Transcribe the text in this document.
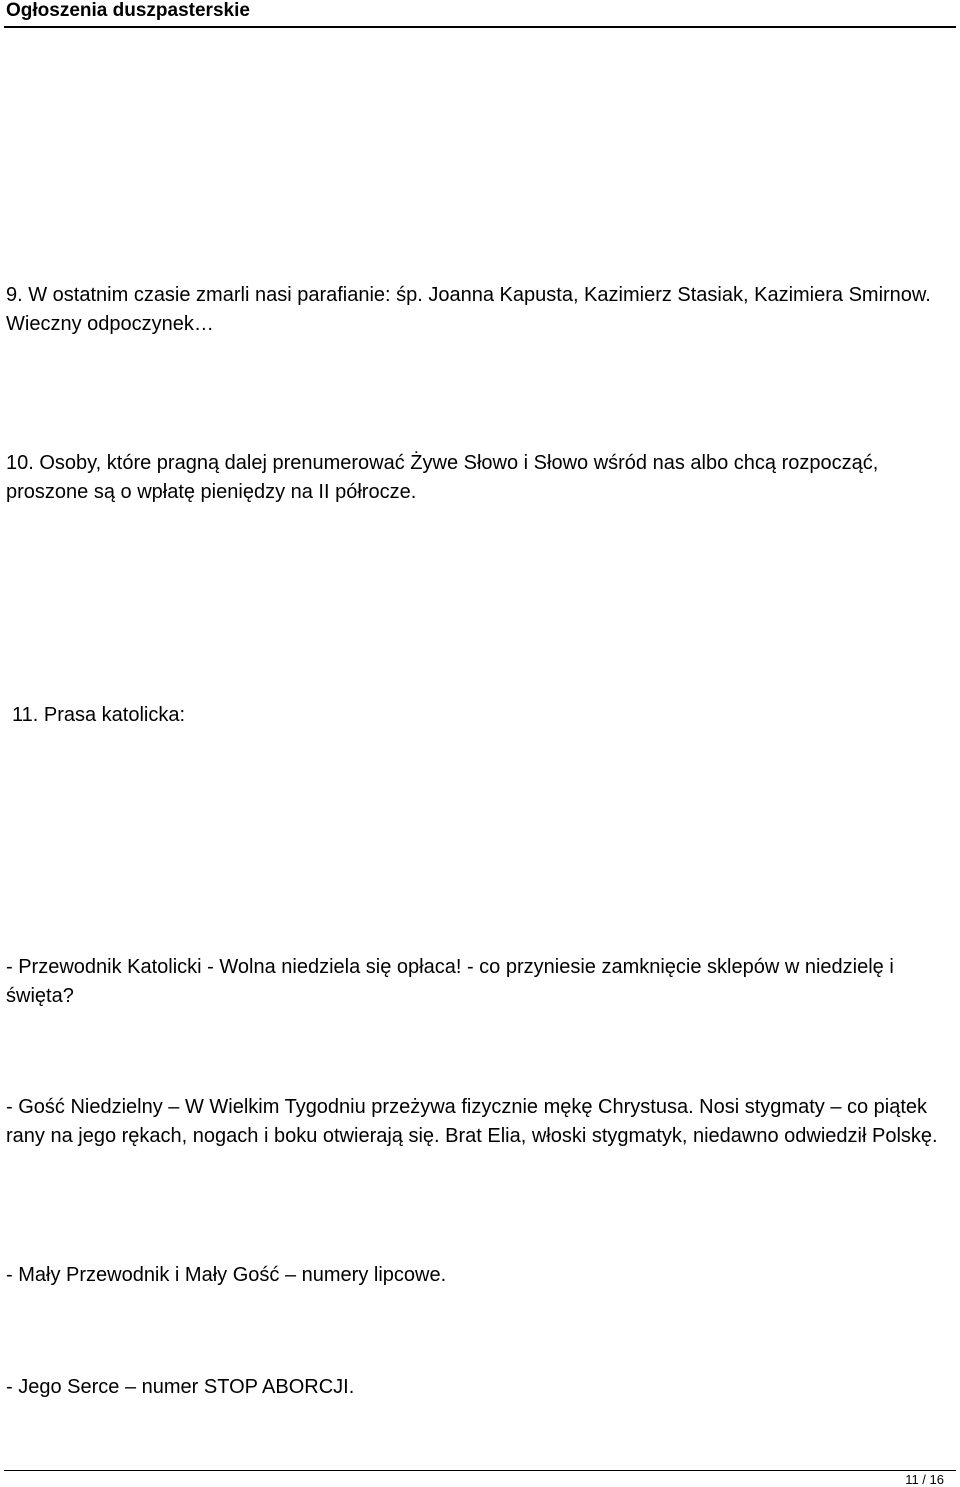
Ogłoszenia duszpasterskie

9. W ostatnim czasie zmarli nasi parafianie: śp. Joanna Kapusta, Kazimierz Stasiak, Kazimiera Smirnow. Wieczny odpoczynek…

10. Osoby, które pragną dalej prenumerować Żywe Słowo i Słowo wśród nas albo chcą rozpocząć, proszone są o wpłatę pieniędzy na II półrocze.

11. Prasa katolicka:

- Przewodnik Katolicki - Wolna niedziela się opłaca! - co przyniesie zamknięcie sklepów w niedzielę i święta?

- Gość Niedzielny – W Wielkim Tygodniu przeżywa fizycznie mękę Chrystusa. Nosi stygmaty – co piątek rany na jego rękach, nogach i boku otwierają się. Brat Elia, włoski stygmatyk, niedawno odwiedził Polskę.

- Mały Przewodnik i Mały Gość – numery lipcowe.

- Jego Serce – numer STOP ABORCJI.

11 / 16
